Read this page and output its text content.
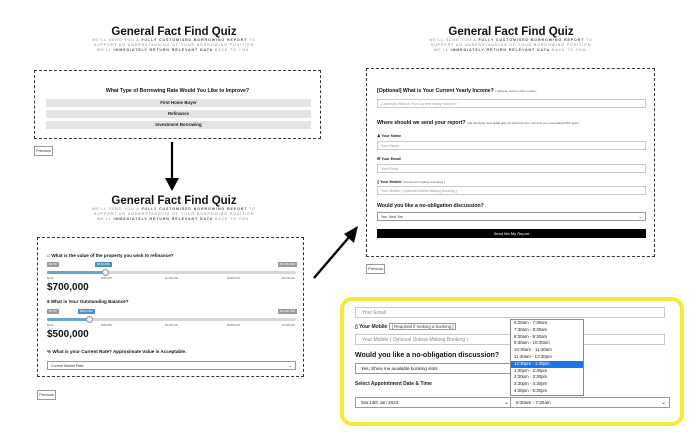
General Fact Find Quiz
WE'LL SEND YOU A FULLY CUSTOMISED BORROWING REPORT TO
SUPPORT AN UNDERSTANDING OF YOUR BORROWING POSITION
WE'LL IMMEDIATELY RETURN RELEVANT DATA BACK TO YOU.
What Type of Borrowing Rate Would You Like to Improve?
First Home Buyer
Refinance
Investment Borrowing
Previous
General Fact Find Quiz
WE'LL SEND YOU A FULLY CUSTOMISED BORROWING REPORT TO
SUPPORT AN UNDERSTANDING OF YOUR BORROWING POSITION
WE'LL IMMEDIATELY RETURN RELEVANT DATA BACK TO YOU.
⌂ What is the value of the property you wish to refinance?
$0.00	$700,000	$3,000,000
$0.00	$600,000	$1,200,000	$1,800,000	$3,000,000
$700,000
$ What is Your Outstanding Balance?
$0.00	$500,000	$3,000,000
$0.00	$600,000	$1,200,000	$1,800,000	$3,000,000
$500,000
% What is your Current Rate? Approximate Value is Acceptable.
Current Market Rate	⌄
Previous
General Fact Find Quiz
WE'LL SEND YOU A FULLY CUSTOMISED BORROWING REPORT TO
SUPPORT AN UNDERSTANDING OF YOUR BORROWING POSITION
WE'LL IMMEDIATELY RETURN RELEVANT DATA BACK TO YOU.
[Optional] What is Your Current Yearly Income? [ Optional, used to refine results ]
(Optional) What is Your Current Yearly Income?
Where should we send your report? [ We will display basic details after you submit the form, and send you a personalised PDF report ]
♟ Your Name
Your Name
✉ Your Email
Your Email
▯ Your Mobile [ Required if making a booking ]
Your Mobile ( Optional Unless Making Booking )
Would you like a no-obligation discussion?
Yes, Next Yes	⌄
Send Me My Report
Previous
Your Email
▯ Your Mobile [ Required if making a booking ]
Your Mobile ( Optional Unless Making Booking )
Would you like a no-obligation discussion?
Yes, Show me available booking slots
Select Appointment Date & Time
Sat 14th Jan 2023	⌄	6:30am - 7:30am	⌄
6:30am - 7:30am
7:30am - 8:30am
8:30am - 9:30am
9:30am - 10:30am
10:30am - 11:30am
11:30am - 12:30pm
12:30pm - 1:30pm
1:30pm - 2:30pm
2:30pm - 3:30pm
3:30pm - 4:30pm
4:30pm - 5:30pm
